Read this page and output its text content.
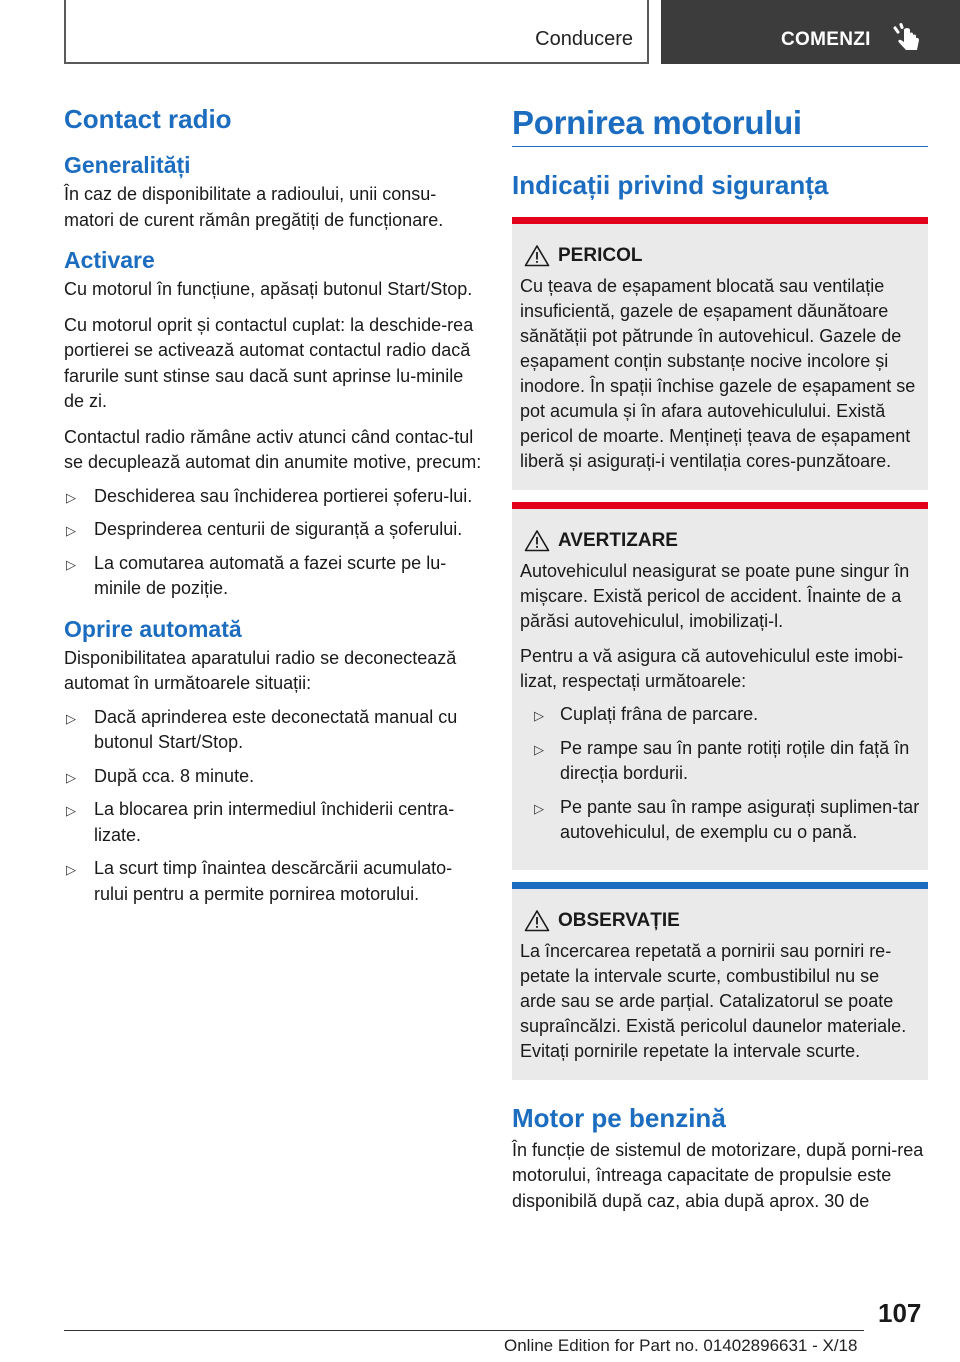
Conducere	COMENZI
Contact radio
Generalități
În caz de disponibilitate a radioului, unii consu-matori de curent rămân pregătiți de funcționare.
Activare
Cu motorul în funcțiune, apăsați butonul Start/Stop.
Cu motorul oprit și contactul cuplat: la deschide-rea portierei se activează automat contactul radio dacă farurile sunt stinse sau dacă sunt aprinse lu-minile de zi.
Contactul radio rămâne activ atunci când contac-tul se decuplează automat din anumite motive, precum:
▷ Deschiderea sau închiderea portierei șoferu-lui.
▷ Desprinderea centurii de siguranță a șoferului.
▷ La comutarea automată a fazei scurte pe lu-minile de poziție.
Oprire automată
Disponibilitatea aparatului radio se deconectează automat în următoarele situații:
▷ Dacă aprinderea este deconectată manual cu butonul Start/Stop.
▷ După cca. 8 minute.
▷ La blocarea prin intermediul închiderii centra-lizate.
▷ La scurt timp înaintea descărcării acumulato-rului pentru a permite pornirea motorului.
Pornirea motorului
Indicații privind siguranța
PERICOL
Cu țeava de eșapament blocată sau ventilație insuficientă, gazele de eșapament dăunătoare sănătății pot pătrunde în autovehicul. Gazele de eșapament conțin substanțe nocive incolore și inodore. În spații închise gazele de eșapament se pot acumula și în afara autovehiculului. Există pericol de moarte. Mențineți țeava de eșapament liberă și asigurați-i ventilația cores-punzătoare.
AVERTIZARE
Autovehiculul neasigurat se poate pune singur în mișcare. Există pericol de accident. Înainte de a părăsi autovehiculul, imobilizați-l.
Pentru a vă asigura că autovehiculul este imobi-lizat, respectați următoarele:
▷ Cuplați frâna de parcare.
▷ Pe rampe sau în pante rotiți roțile din față în direcția bordurii.
▷ Pe pante sau în rampe asigurați suplimen-tar autovehiculul, de exemplu cu o pană.
OBSERVAȚIE
La încercarea repetată a pornirii sau porniri re-petate la intervale scurte, combustibilul nu se arde sau se arde parțial. Catalizatorul se poate supraîncălzi. Există pericolul daunelor materiale. Evitați pornirile repetate la intervale scurte.
Motor pe benzină
În funcție de sistemul de motorizare, după porni-rea motorului, întreaga capacitate de propulsie este disponibilă după caz, abia după aprox. 30 de
107
Online Edition for Part no. 01402896631 - X/18
